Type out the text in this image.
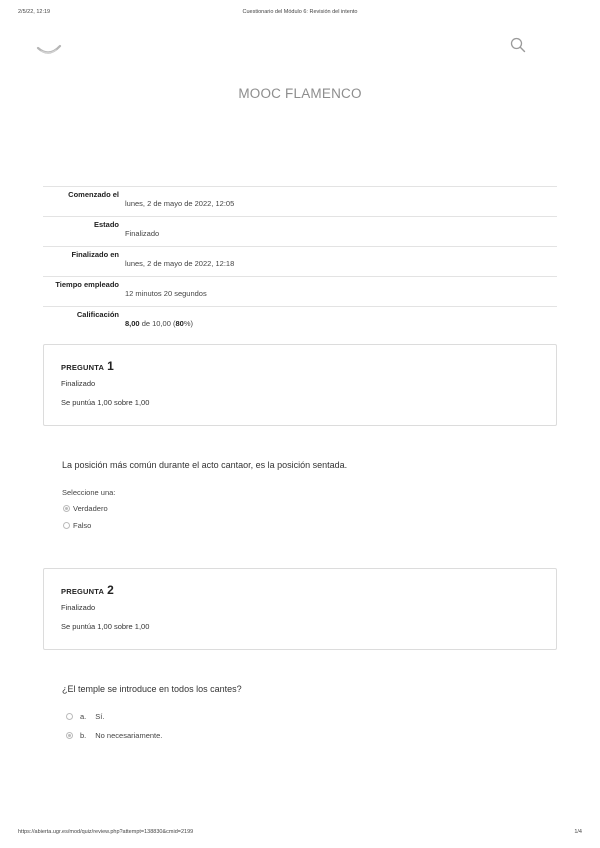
2/5/22, 12:19	Cuestionario del Módulo 6: Revisión del intento
MOOC FLAMENCO
Comenzado el
lunes, 2 de mayo de 2022, 12:05
Estado
Finalizado
Finalizado en
lunes, 2 de mayo de 2022, 12:18
Tiempo empleado
12 minutos 20 segundos
Calificación
8,00 de 10,00 (80%)
PREGUNTA 1
Finalizado
Se puntúa 1,00 sobre 1,00
La posición más común durante el acto cantaor, es la posición sentada.
Seleccione una:
Verdadero
Falso
PREGUNTA 2
Finalizado
Se puntúa 1,00 sobre 1,00
¿El temple se introduce en todos los cantes?
a. Sí.
b. No necesariamente.
https://abierta.ugr.es/mod/quiz/review.php?attempt=138830&cmid=2199	1/4
